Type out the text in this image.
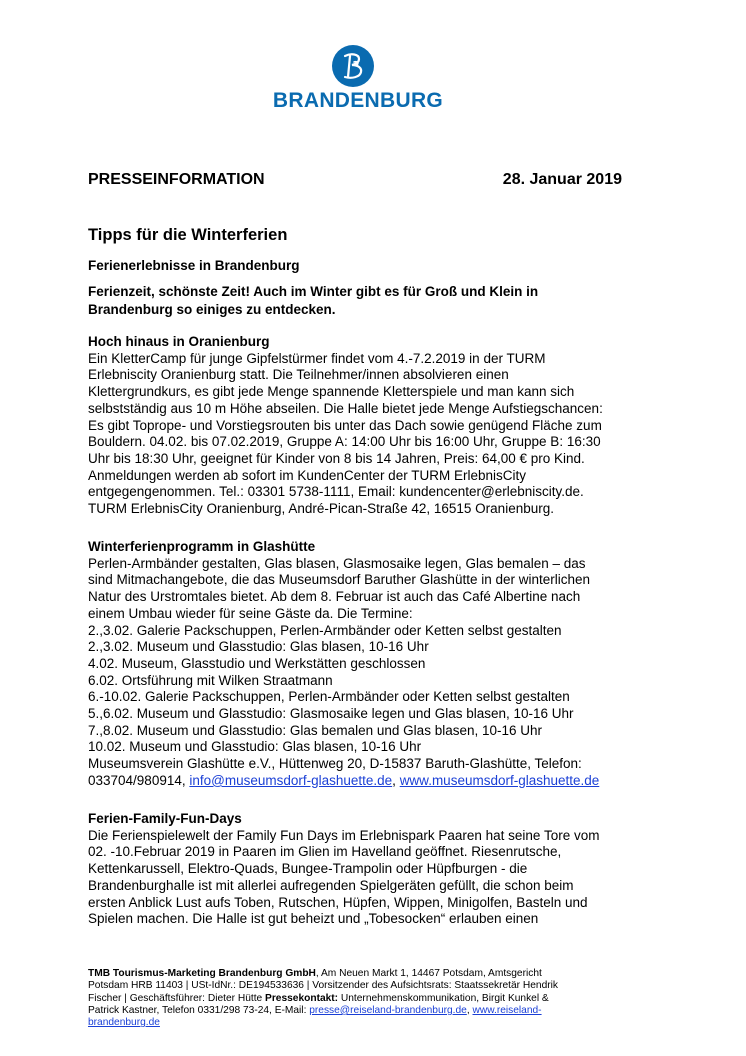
BRANDENBURG
PRESSEINFORMATION	28. Januar 2019
Tipps für die Winterferien
Ferienerlebnisse in Brandenburg
Ferienzeit, schönste Zeit! Auch im Winter gibt es für Groß und Klein in
Brandenburg so einiges zu entdecken.
Hoch hinaus in Oranienburg
Ein KletterCamp für junge Gipfelstürmer findet vom 4.-7.2.2019 in der TURM
Erlebniscity Oranienburg statt. Die Teilnehmer/innen absolvieren einen
Klettergrundkurs, es gibt jede Menge spannende Kletterspiele und man kann sich
selbstständig aus 10 m Höhe abseilen. Die Halle bietet jede Menge Aufstiegschancen:
Es gibt Toprope- und Vorstiegsrouten bis unter das Dach sowie genügend Fläche zum
Bouldern. 04.02. bis 07.02.2019, Gruppe A: 14:00 Uhr bis 16:00 Uhr, Gruppe B: 16:30
Uhr bis 18:30 Uhr, geeignet für Kinder von 8 bis 14 Jahren, Preis: 64,00 € pro Kind.
Anmeldungen werden ab sofort im KundenCenter der TURM ErlebnisCity
entgegengenommen. Tel.: 03301 5738-1111, Email: kundencenter@erlebniscity.de.
TURM ErlebnisCity Oranienburg, André-Pican-Straße 42, 16515 Oranienburg.
Winterferienprogramm in Glashütte
Perlen-Armbänder gestalten, Glas blasen, Glasmosaike legen, Glas bemalen – das
sind Mitmachangebote, die das Museumsdorf Baruther Glashütte in der winterlichen
Natur des Urstromtales bietet. Ab dem 8. Februar ist auch das Café Albertine nach
einem Umbau wieder für seine Gäste da. Die Termine:
2.,3.02. Galerie Packschuppen, Perlen-Armbänder oder Ketten selbst gestalten
2.,3.02. Museum und Glasstudio: Glas blasen, 10-16 Uhr
4.02. Museum, Glasstudio und Werkstätten geschlossen
6.02. Ortsführung mit Wilken Straatmann
6.-10.02. Galerie Packschuppen, Perlen-Armbänder oder Ketten selbst gestalten
5.,6.02. Museum und Glasstudio: Glasmosaike legen und Glas blasen, 10-16 Uhr
7.,8.02. Museum und Glasstudio: Glas bemalen und Glas blasen, 10-16 Uhr
10.02. Museum und Glasstudio: Glas blasen, 10-16 Uhr
Museumsverein Glashütte e.V., Hüttenweg 20, D-15837 Baruth-Glashütte, Telefon:
033704/980914, info@museumsdorf-glashuette.de, www.museumsdorf-glashuette.de
Ferien-Family-Fun-Days
Die Ferienspielewelt der Family Fun Days im Erlebnispark Paaren hat seine Tore vom
02. -10.Februar 2019 in Paaren im Glien im Havelland geöffnet. Riesenrutsche,
Kettenkarussell, Elektro-Quads, Bungee-Trampolin oder Hüpfburgen - die
Brandenburghalle ist mit allerlei aufregenden Spielgeräten gefüllt, die schon beim
ersten Anblick Lust aufs Toben, Rutschen, Hüpfen, Wippen, Minigolfen, Basteln und
Spielen machen. Die Halle ist gut beheizt und „Tobesocken“ erlauben einen
TMB Tourismus-Marketing Brandenburg GmbH, Am Neuen Markt 1, 14467 Potsdam, Amtsgericht
Potsdam HRB 11403 | USt-IdNr.: DE194533636 | Vorsitzender des Aufsichtsrats: Staatssekretär Hendrik
Fischer | Geschäftsführer: Dieter Hütte Pressekontakt: Unternehmenskommunikation, Birgit Kunkel &
Patrick Kastner, Telefon 0331/298 73-24, E-Mail: presse@reiseland-brandenburg.de, www.reiseland-
brandenburg.de
